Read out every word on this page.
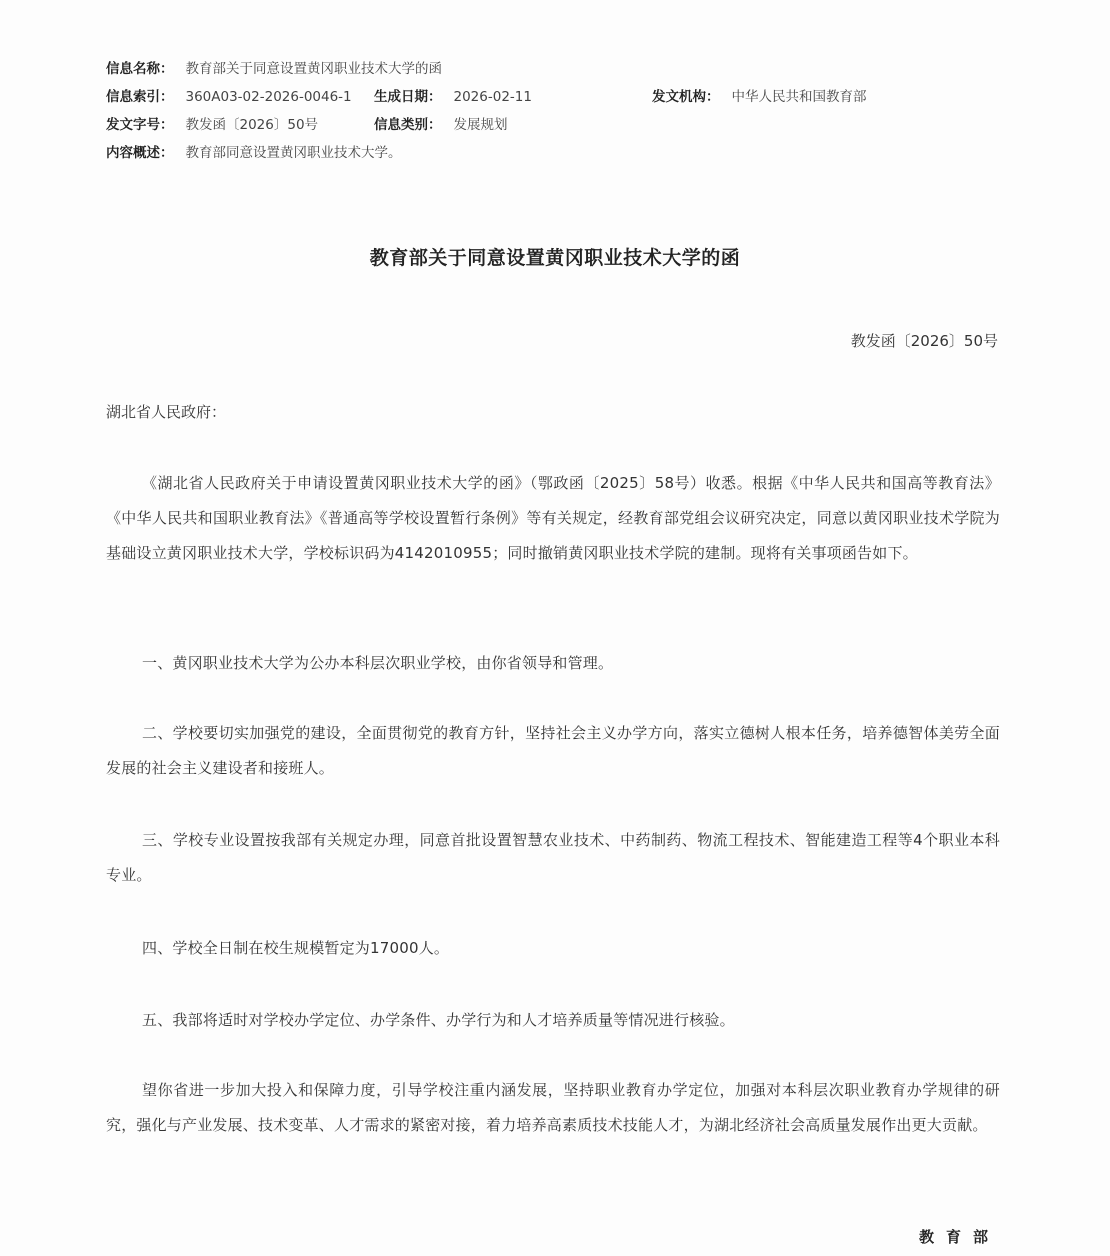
信息名称： 教育部关于同意设置黄冈职业技术大学的函
信息索引： 360A03-02-2026-0046-1 生成日期： 2026-02-11	发文机构： 中华人民共和国教育部
发文字号： 教发函〔2026〕50号	信息类别： 发展规划
内容概述： 教育部同意设置黄冈职业技术大学。
教育部关于同意设置黄冈职业技术大学的函
教发函〔2026〕50号
湖北省人民政府：
《湖北省人民政府关于申请设置黄冈职业技术大学的函》（鄂政函〔2025〕58号）收悉。根据《中华人民共和国高等教育法》《中华人民共和国职业教育法》《普通高等学校设置暂行条例》等有关规定，经教育部党组会议研究决定，同意以黄冈职业技术学院为基础设立黄冈职业技术大学，学校标识码为4142010955；同时撤销黄冈职业技术学院的建制。现将有关事项函告如下。
一、黄冈职业技术大学为公办本科层次职业学校，由你省领导和管理。
二、学校要切实加强党的建设，全面贯彻党的教育方针，坚持社会主义办学方向，落实立德树人根本任务，培养德智体美劳全面发展的社会主义建设者和接班人。
三、学校专业设置按我部有关规定办理，同意首批设置智慧农业技术、中药制药、物流工程技术、智能建造工程等4个职业本科专业。
四、学校全日制在校生规模暂定为17000人。
五、我部将适时对学校办学定位、办学条件、办学行为和人才培养质量等情况进行核验。
望你省进一步加大投入和保障力度，引导学校注重内涵发展，坚持职业教育办学定位，加强对本科层次职业教育办学规律的研究，强化与产业发展、技术变革、人才需求的紧密对接，着力培养高素质技术技能人才，为湖北经济社会高质量发展作出更大贡献。
教育部
